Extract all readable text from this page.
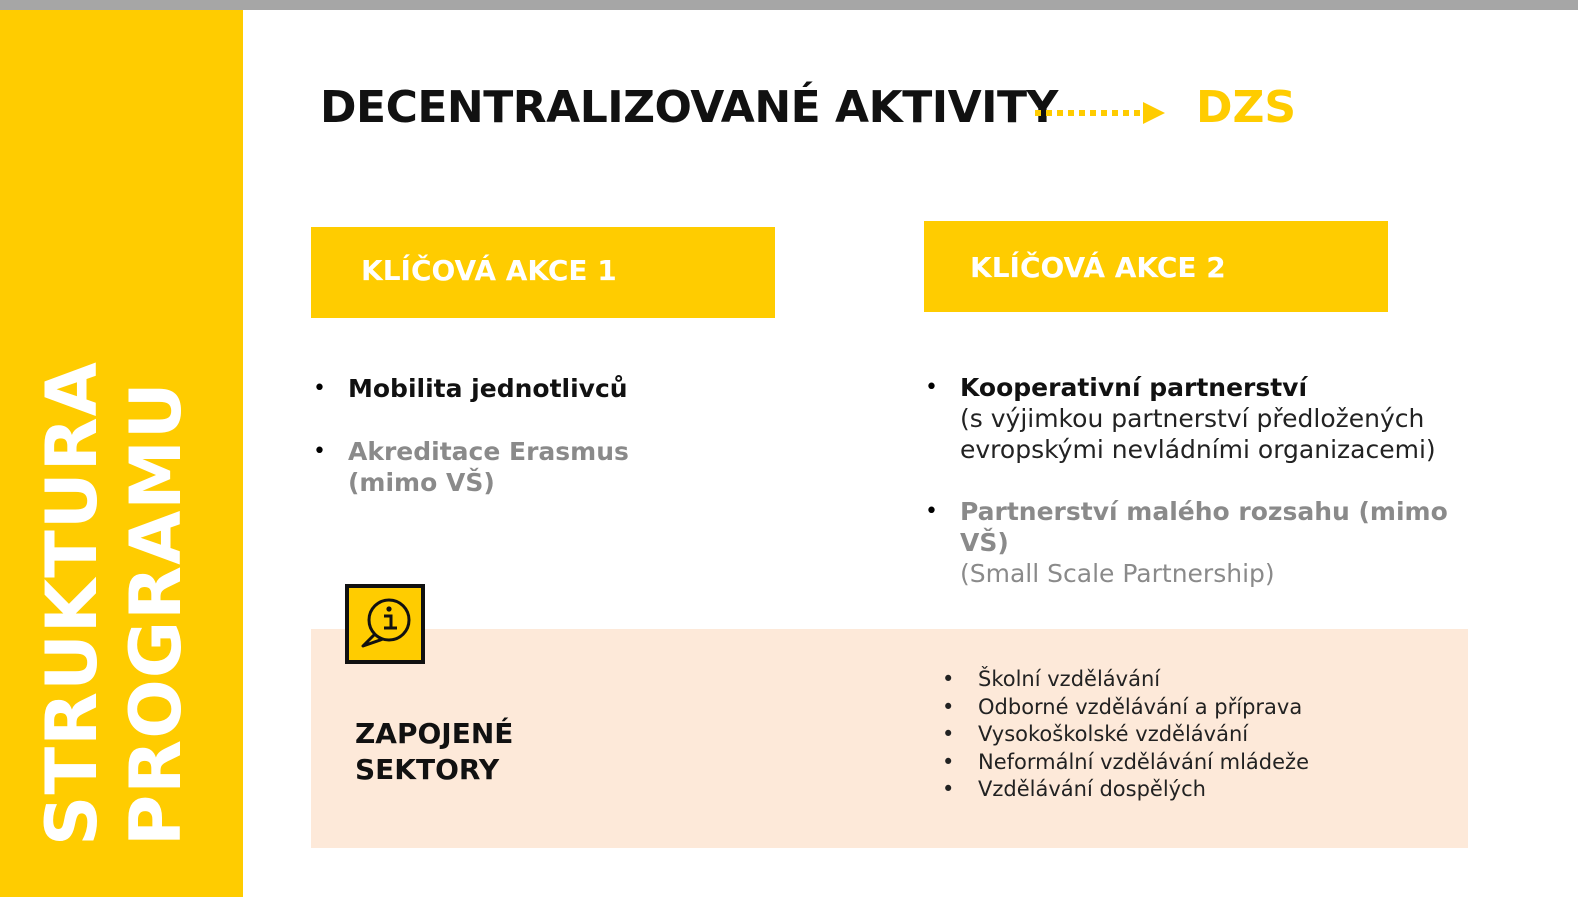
STRUKTURA PROGRAMU
DECENTRALIZOVANÉ AKTIVITY	DZS
KLÍČOVÁ AKCE 1	KLÍČOVÁ AKCE 2
• Mobilita jednotlivců
• Akreditace Erasmus
(mimo VŠ)
• Kooperativní partnerství
(s výjimkou partnerství předložených
evropskými nevládními organizacemi)
• Partnerství malého rozsahu (mimo VŠ)
(Small Scale Partnership)
ZAPOJENÉ
SEKTORY
• Školní vzdělávání
• Odborné vzdělávání a příprava
• Vysokoškolské vzdělávání
• Neformální vzdělávání mládeže
• Vzdělávání dospělých
